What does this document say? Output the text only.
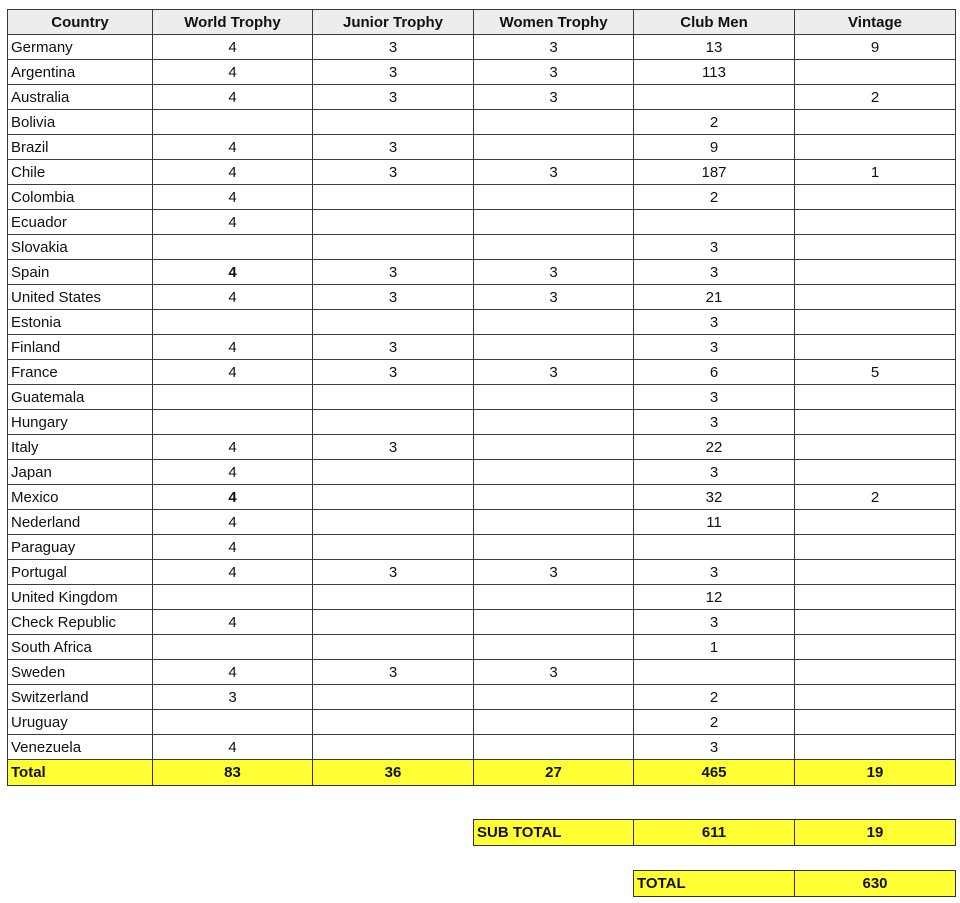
Country	World Trophy	Junior Trophy	Women Trophy	Club Men	Vintage
Germany	4	3	3	13	9
Argentina	4	3	3	113	
Australia	4	3	3		2
Bolivia				2	
Brazil	4	3		9	
Chile	4	3	3	187	1
Colombia	4			2	
Ecuador	4				
Slovakia				3	
Spain	4	3	3	3	
United States	4	3	3	21	
Estonia				3	
Finland	4	3		3	
France	4	3	3	6	5
Guatemala				3	
Hungary				3	
Italy	4	3		22	
Japan	4			3	
Mexico	4			32	2
Nederland	4			11	
Paraguay	4				
Portugal	4	3	3	3	
United Kingdom				12	
Check Republic	4			3	
South Africa				1	
Sweden	4	3	3		
Switzerland	3			2	
Uruguay				2	
Venezuela	4			3	
Total	83	36	27	465	19
SUB TOTAL	611	19
TOTAL	630
